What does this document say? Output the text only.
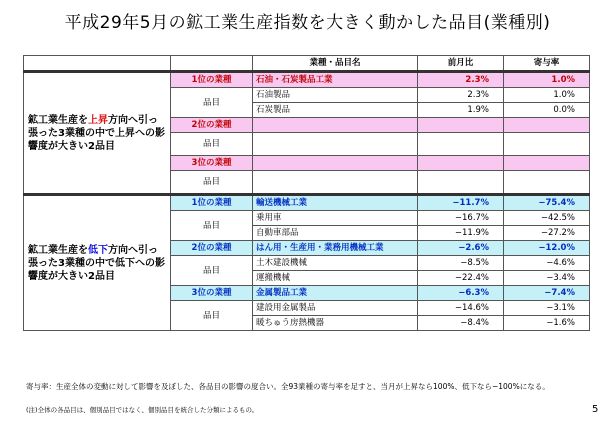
平成29年5月の鉱工業生産指数を大きく動かした品目(業種別)
		業種・品目名	前月比	寄与率
鉱工業生産を上昇方向へ引っ張った3業種の中で上昇への影響度が大きい2品目	1位の業種	石油・石炭製品工業	2.3%	1.0%
	品目	石油製品	2.3%	1.0%
		石炭製品	1.9%	0.0%
	2位の業種			
	品目			
	3位の業種			
	品目			
鉱工業生産を低下方向へ引っ張った3業種の中で低下への影響度が大きい2品目	1位の業種	輸送機械工業	−11.7%	−75.4%
	品目	乗用車	−16.7%	−42.5%
		自動車部品	−11.9%	−27.2%
	2位の業種	はん用・生産用・業務用機械工業	−2.6%	−12.0%
	品目	土木建設機械	−8.5%	−4.6%
		運搬機械	−22.4%	−3.4%
	3位の業種	金属製品工業	−6.3%	−7.4%
	品目	建設用金属製品	−14.6%	−3.1%
		暖ちゅう房熱機器	−8.4%	−1.6%
寄与率：生産全体の変動に対して影響を及ぼした、各品目の影響の度合い。全93業種の寄与率を足すと、当月が上昇なら100%、低下なら−100%になる。
(注)全体の各品目は、個別品目ではなく、個別品目を統合した分類によるもの。	5
